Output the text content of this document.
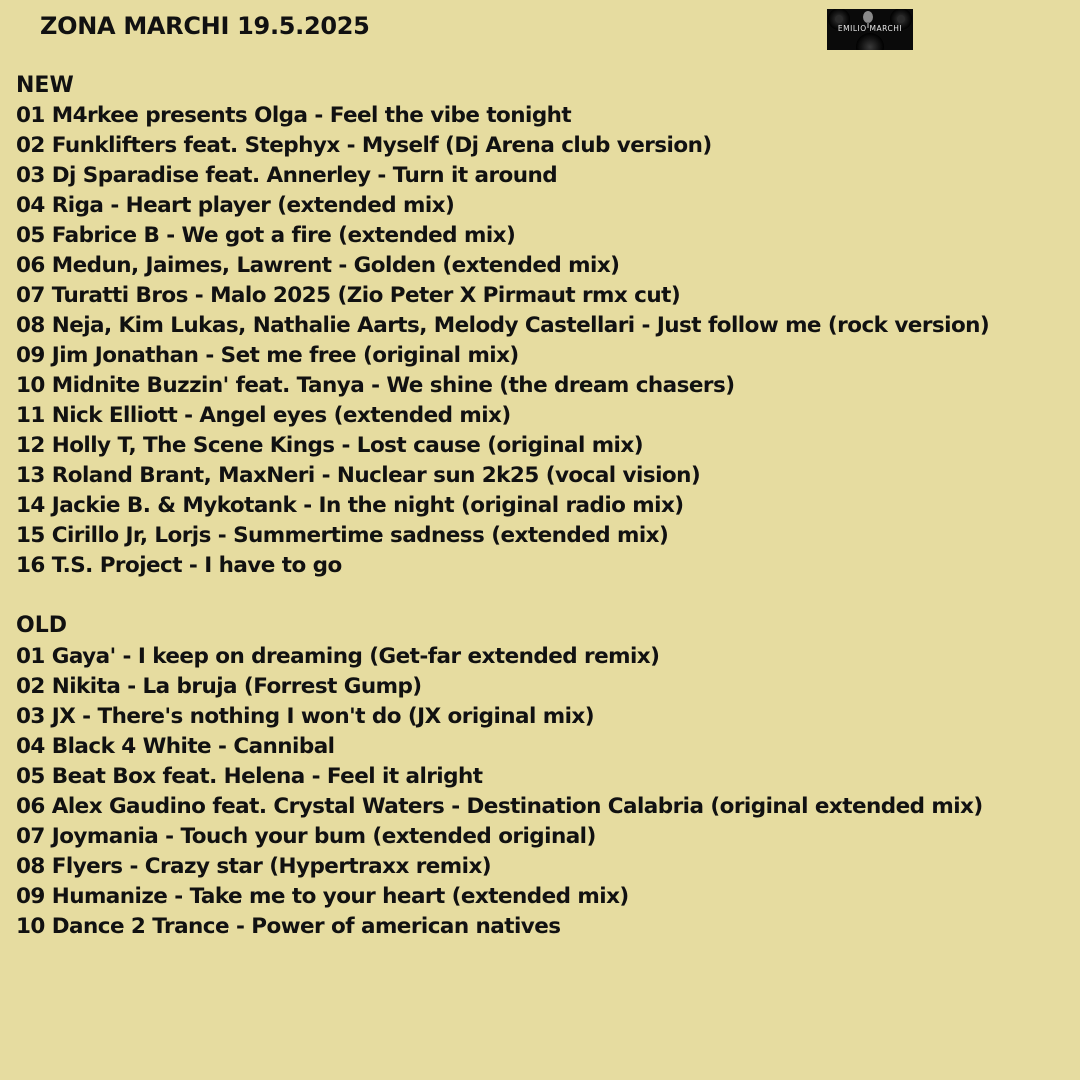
ZONA MARCHI 19.5.2025	EMILIO MARCHI
NEW
01 M4rkee presents Olga - Feel the vibe tonight
02 Funklifters feat. Stephyx - Myself (Dj Arena club version)
03 Dj Sparadise feat. Annerley - Turn it around
04 Riga - Heart player (extended mix)
05 Fabrice B - We got a fire (extended mix)
06 Medun, Jaimes, Lawrent - Golden (extended mix)
07 Turatti Bros - Malo 2025 (Zio Peter X Pirmaut rmx cut)
08 Neja, Kim Lukas, Nathalie Aarts, Melody Castellari - Just follow me (rock version)
09 Jim Jonathan - Set me free (original mix)
10 Midnite Buzzin' feat. Tanya - We shine (the dream chasers)
11 Nick Elliott - Angel eyes (extended mix)
12 Holly T, The Scene Kings - Lost cause (original mix)
13 Roland Brant, MaxNeri - Nuclear sun 2k25 (vocal vision)
14 Jackie B. & Mykotank - In the night (original radio mix)
15 Cirillo Jr, Lorjs - Summertime sadness (extended mix)
16 T.S. Project - I have to go
OLD
01 Gaya' - I keep on dreaming (Get-far extended remix)
02 Nikita - La bruja (Forrest Gump)
03 JX - There's nothing I won't do (JX original mix)
04 Black 4 White - Cannibal
05 Beat Box feat. Helena - Feel it alright
06 Alex Gaudino feat. Crystal Waters - Destination Calabria (original extended mix)
07 Joymania - Touch your bum (extended original)
08 Flyers - Crazy star (Hypertraxx remix)
09 Humanize - Take me to your heart (extended mix)
10 Dance 2 Trance - Power of american natives
